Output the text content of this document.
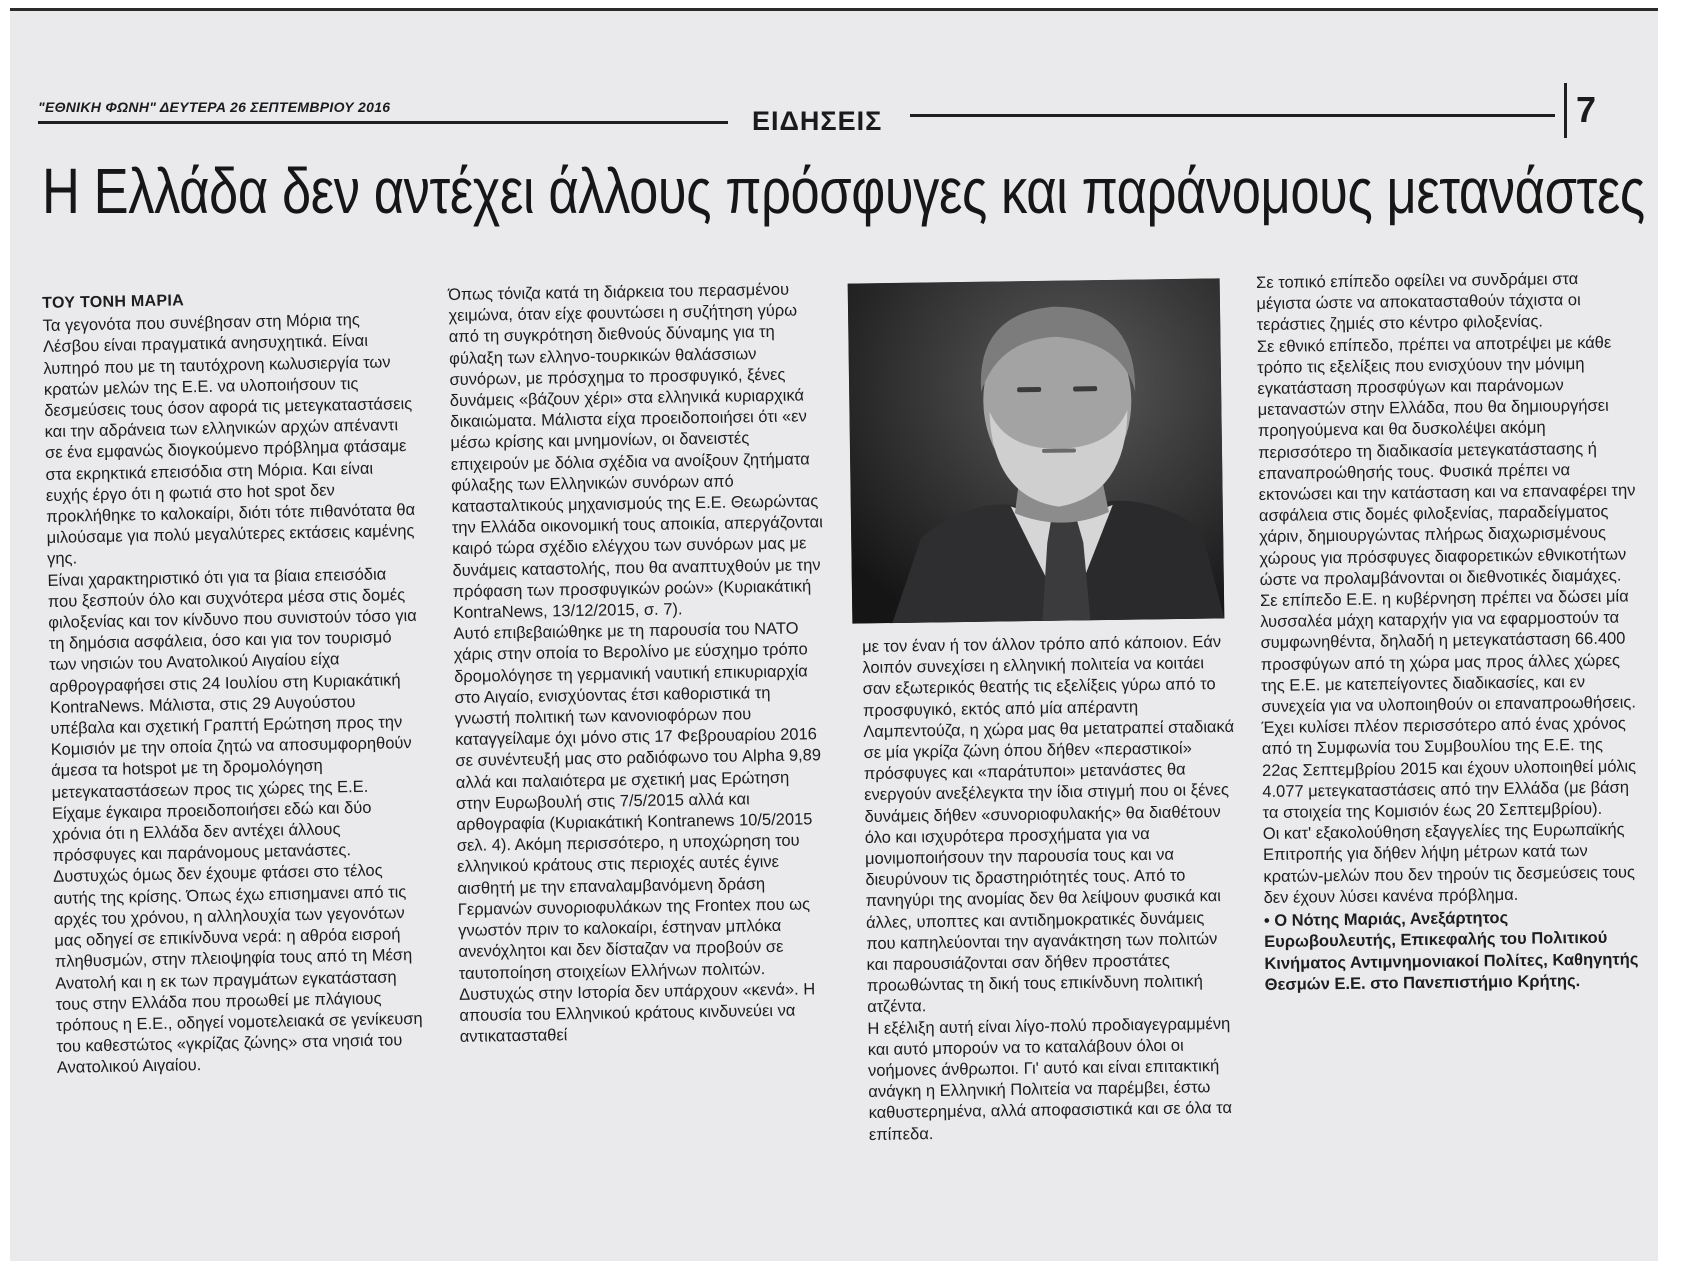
"ΕΘΝΙΚΗ ΦΩΝΗ" ΔΕΥΤΕΡΑ 26 ΣΕΠΤΕΜΒΡΙΟΥ 2016	ΕΙΔΗΣΕΙΣ	7
Η Ελλάδα δεν αντέχει άλλους πρόσφυγες και παράνομους μετανάστες

ΤΟΥ ΤΟΝΗ ΜΑΡΙΑ

Τα γεγονότα που συνέβησαν στη Μόρια της Λέσβου είναι πραγματικά ανησυχητικά. Είναι λυπηρό που με τη ταυτόχρονη κωλυσιεργία των κρατών μελών της Ε.Ε. να υλοποιήσουν τις δεσμεύσεις τους όσον αφορά τις μετεγκαταστάσεις και την αδράνεια των ελληνικών αρχών απέναντι σε ένα εμφανώς διογκούμενο πρόβλημα φτάσαμε στα εκρηκτικά επεισόδια στη Μόρια. Και είναι ευχής έργο ότι η φωτιά στο hot spot δεν προκλήθηκε το καλοκαίρι, διότι τότε πιθανότατα θα μιλούσαμε για πολύ μεγαλύτερες εκτάσεις καμένης γης.

Είναι χαρακτηριστικό ότι για τα βίαια επεισόδια που ξεσπούν όλο και συχνότερα μέσα στις δομές φιλοξενίας και τον κίνδυνο που συνιστούν τόσο για τη δημόσια ασφάλεια, όσο και για τον τουρισμό των νησιών του Ανατολικού Αιγαίου είχα αρθρογραφήσει στις 24 Ιουλίου στη Κυριακάτική KontraNews. Μάλιστα, στις 29 Αυγούστου υπέβαλα και σχετική Γραπτή Ερώτηση προς την Κομισιόν με την οποία ζητώ να αποσυμφορηθούν άμεσα τα hotspot με τη δρομολόγηση μετεγκαταστάσεων προς τις χώρες της Ε.Ε.

Είχαμε έγκαιρα προειδοποιήσει εδώ και δύο χρόνια ότι η Ελλάδα δεν αντέχει άλλους πρόσφυγες και παράνομους μετανάστες. Δυστυχώς όμως δεν έχουμε φτάσει στο τέλος αυτής της κρίσης. Όπως έχω επισημανει από τις αρχές του χρόνου, η αλληλουχία των γεγονότων μας οδηγεί σε επικίνδυνα νερά: η αθρόα εισροή πληθυσμών, στην πλειοψηφία τους από τη Μέση Ανατολή και η εκ των πραγμάτων εγκατάσταση τους στην Ελλάδα που προωθεί με πλάγιους τρόπους η Ε.Ε., οδηγεί νομοτελειακά σε γενίκευση του καθεστώτος «γκρίζας ζώνης» στα νησιά του Ανατολικού Αιγαίου.

Όπως τόνιζα κατά τη διάρκεια του περασμένου χειμώνα, όταν είχε φουντώσει η συζήτηση γύρω από τη συγκρότηση διεθνούς δύναμης για τη φύλαξη των ελληνο-τουρκικών θαλάσσιων συνόρων, με πρόσχημα το προσφυγικό, ξένες δυνάμεις «βάζουν χέρι» στα ελληνικά κυριαρχικά δικαιώματα. Μάλιστα είχα προειδοποιήσει ότι «εν μέσω κρίσης και μνημονίων, οι δανειστές επιχειρούν με δόλια σχέδια να ανοίξουν ζητήματα φύλαξης των Ελληνικών συνόρων από κατασταλτικούς μηχανισμούς της Ε.Ε. Θεωρώντας την Ελλάδα οικονομική τους αποικία, απεργάζονται καιρό τώρα σχέδιο ελέγχου των συνόρων μας με δυνάμεις καταστολής, που θα αναπτυχθούν με την πρόφαση των προσφυγικών ροών» (Κυριακάτική KontraNews, 13/12/2015, σ. 7).

Αυτό επιβεβαιώθηκε με τη παρουσία του ΝΑΤΟ χάρις στην οποία το Βερολίνο με εύσχημο τρόπο δρομολόγησε τη γερμανική ναυτική επικυριαρχία στο Αιγαίο, ενισχύοντας έτσι καθοριστικά τη γνωστή πολιτική των κανονιοφόρων που καταγγείλαμε όχι μόνο στις 17 Φεβρουαρίου 2016 σε συνέντευξή μας στο ραδιόφωνο του Alpha 9,89 αλλά και παλαιότερα με σχετική μας Ερώτηση στην Ευρωβουλή στις 7/5/2015 αλλά και αρθογραφία (Κυριακάτική Kontranews 10/5/2015 σελ. 4). Ακόμη περισσότερο, η υποχώρηση του ελληνικού κράτους στις περιοχές αυτές έγινε αισθητή με την επαναλαμβανόμενη δράση Γερμανών συνοριοφυλάκων της Frontex που ως γνωστόν πριν το καλοκαίρι, έστηναν μπλόκα ανενόχλητοι και δεν δίσταζαν να προβούν σε ταυτοποίηση στοιχείων Ελλήνων πολιτών.

Δυστυχώς στην Ιστορία δεν υπάρχουν «κενά». Η απουσία του Ελληνικού κράτους κινδυνεύει να αντικατασταθεί

με τον έναν ή τον άλλον τρόπο από κάποιον. Εάν λοιπόν συνεχίσει η ελληνική πολιτεία να κοιτάει σαν εξωτερικός θεατής τις εξελίξεις γύρω από το προσφυγικό, εκτός από μία απέραντη Λαμπεντούζα, η χώρα μας θα μετατραπεί σταδιακά σε μία γκρίζα ζώνη όπου δήθεν «περαστικοί» πρόσφυγες και «παράτυποι» μετανάστες θα ενεργούν ανεξέλεγκτα την ίδια στιγμή που οι ξένες δυνάμεις δήθεν «συνοριοφυλακής» θα διαθέτουν όλο και ισχυρότερα προσχήματα για να μονιμοποιήσουν την παρουσία τους και να διευρύνουν τις δραστηριότητές τους. Από το πανηγύρι της ανομίας δεν θα λείψουν φυσικά και άλλες, υποπτες και αντιδημοκρατικές δυνάμεις που καπηλεύονται την αγανάκτηση των πολιτών και παρουσιάζονται σαν δήθεν προστάτες προωθώντας τη δική τους επικίνδυνη πολιτική ατζέντα.

Η εξέλιξη αυτή είναι λίγο-πολύ προδιαγεγραμμένη και αυτό μπορούν να το καταλάβουν όλοι οι νοήμονες άνθρωποι. Γι' αυτό και είναι επιτακτική ανάγκη η Ελληνική Πολιτεία να παρέμβει, έστω καθυστερημένα, αλλά αποφασιστικά και σε όλα τα επίπεδα.

Σε τοπικό επίπεδο οφείλει να συνδράμει στα μέγιστα ώστε να αποκατασταθούν τάχιστα οι τεράστιες ζημιές στο κέντρο φιλοξενίας.

Σε εθνικό επίπεδο, πρέπει να αποτρέψει με κάθε τρόπο τις εξελίξεις που ενισχύουν την μόνιμη εγκατάσταση προσφύγων και παράνομων μεταναστών στην Ελλάδα, που θα δημιουργήσει προηγούμενα και θα δυσκολέψει ακόμη περισσότερο τη διαδικασία μετεγκατάστασης ή επαναπροώθησής τους. Φυσικά πρέπει να εκτονώσει και την κατάσταση και να επαναφέρει την ασφάλεια στις δομές φιλοξενίας, παραδείγματος χάριν, δημιουργώντας πλήρως διαχωρισμένους χώρους για πρόσφυγες διαφορετικών εθνικοτήτων ώστε να προλαμβάνονται οι διεθνοτικές διαμάχες.

Σε επίπεδο Ε.Ε. η κυβέρνηση πρέπει να δώσει μία λυσσαλέα μάχη καταρχήν για να εφαρμοστούν τα συμφωνηθέντα, δηλαδή η μετεγκατάσταση 66.400 προσφύγων από τη χώρα μας προς άλλες χώρες της Ε.Ε. με κατεπείγοντες διαδικασίες, και εν συνεχεία για να υλοποιηθούν οι επαναπροωθήσεις.

Έχει κυλίσει πλέον περισσότερο από ένας χρόνος από τη Συμφωνία του Συμβουλίου της Ε.Ε. της 22ας Σεπτεμβρίου 2015 και έχουν υλοποιηθεί μόλις 4.077 μετεγκαταστάσεις από την Ελλάδα (με βάση τα στοιχεία της Κομισιόν έως 20 Σεπτεμβρίου).

Οι κατ' εξακολούθηση εξαγγελίες της Ευρωπαϊκής Επιτροπής για δήθεν λήψη μέτρων κατά των κρατών-μελών που δεν τηρούν τις δεσμεύσεις τους δεν έχουν λύσει κανένα πρόβλημα.

• Ο Νότης Μαριάς, Ανεξάρτητος Ευρωβουλευτής, Επικεφαλής του Πολιτικού Κινήματος Αντιμνημονιακοί Πολίτες, Καθηγητής Θεσμών Ε.Ε. στο Πανεπιστήμιο Κρήτης.
